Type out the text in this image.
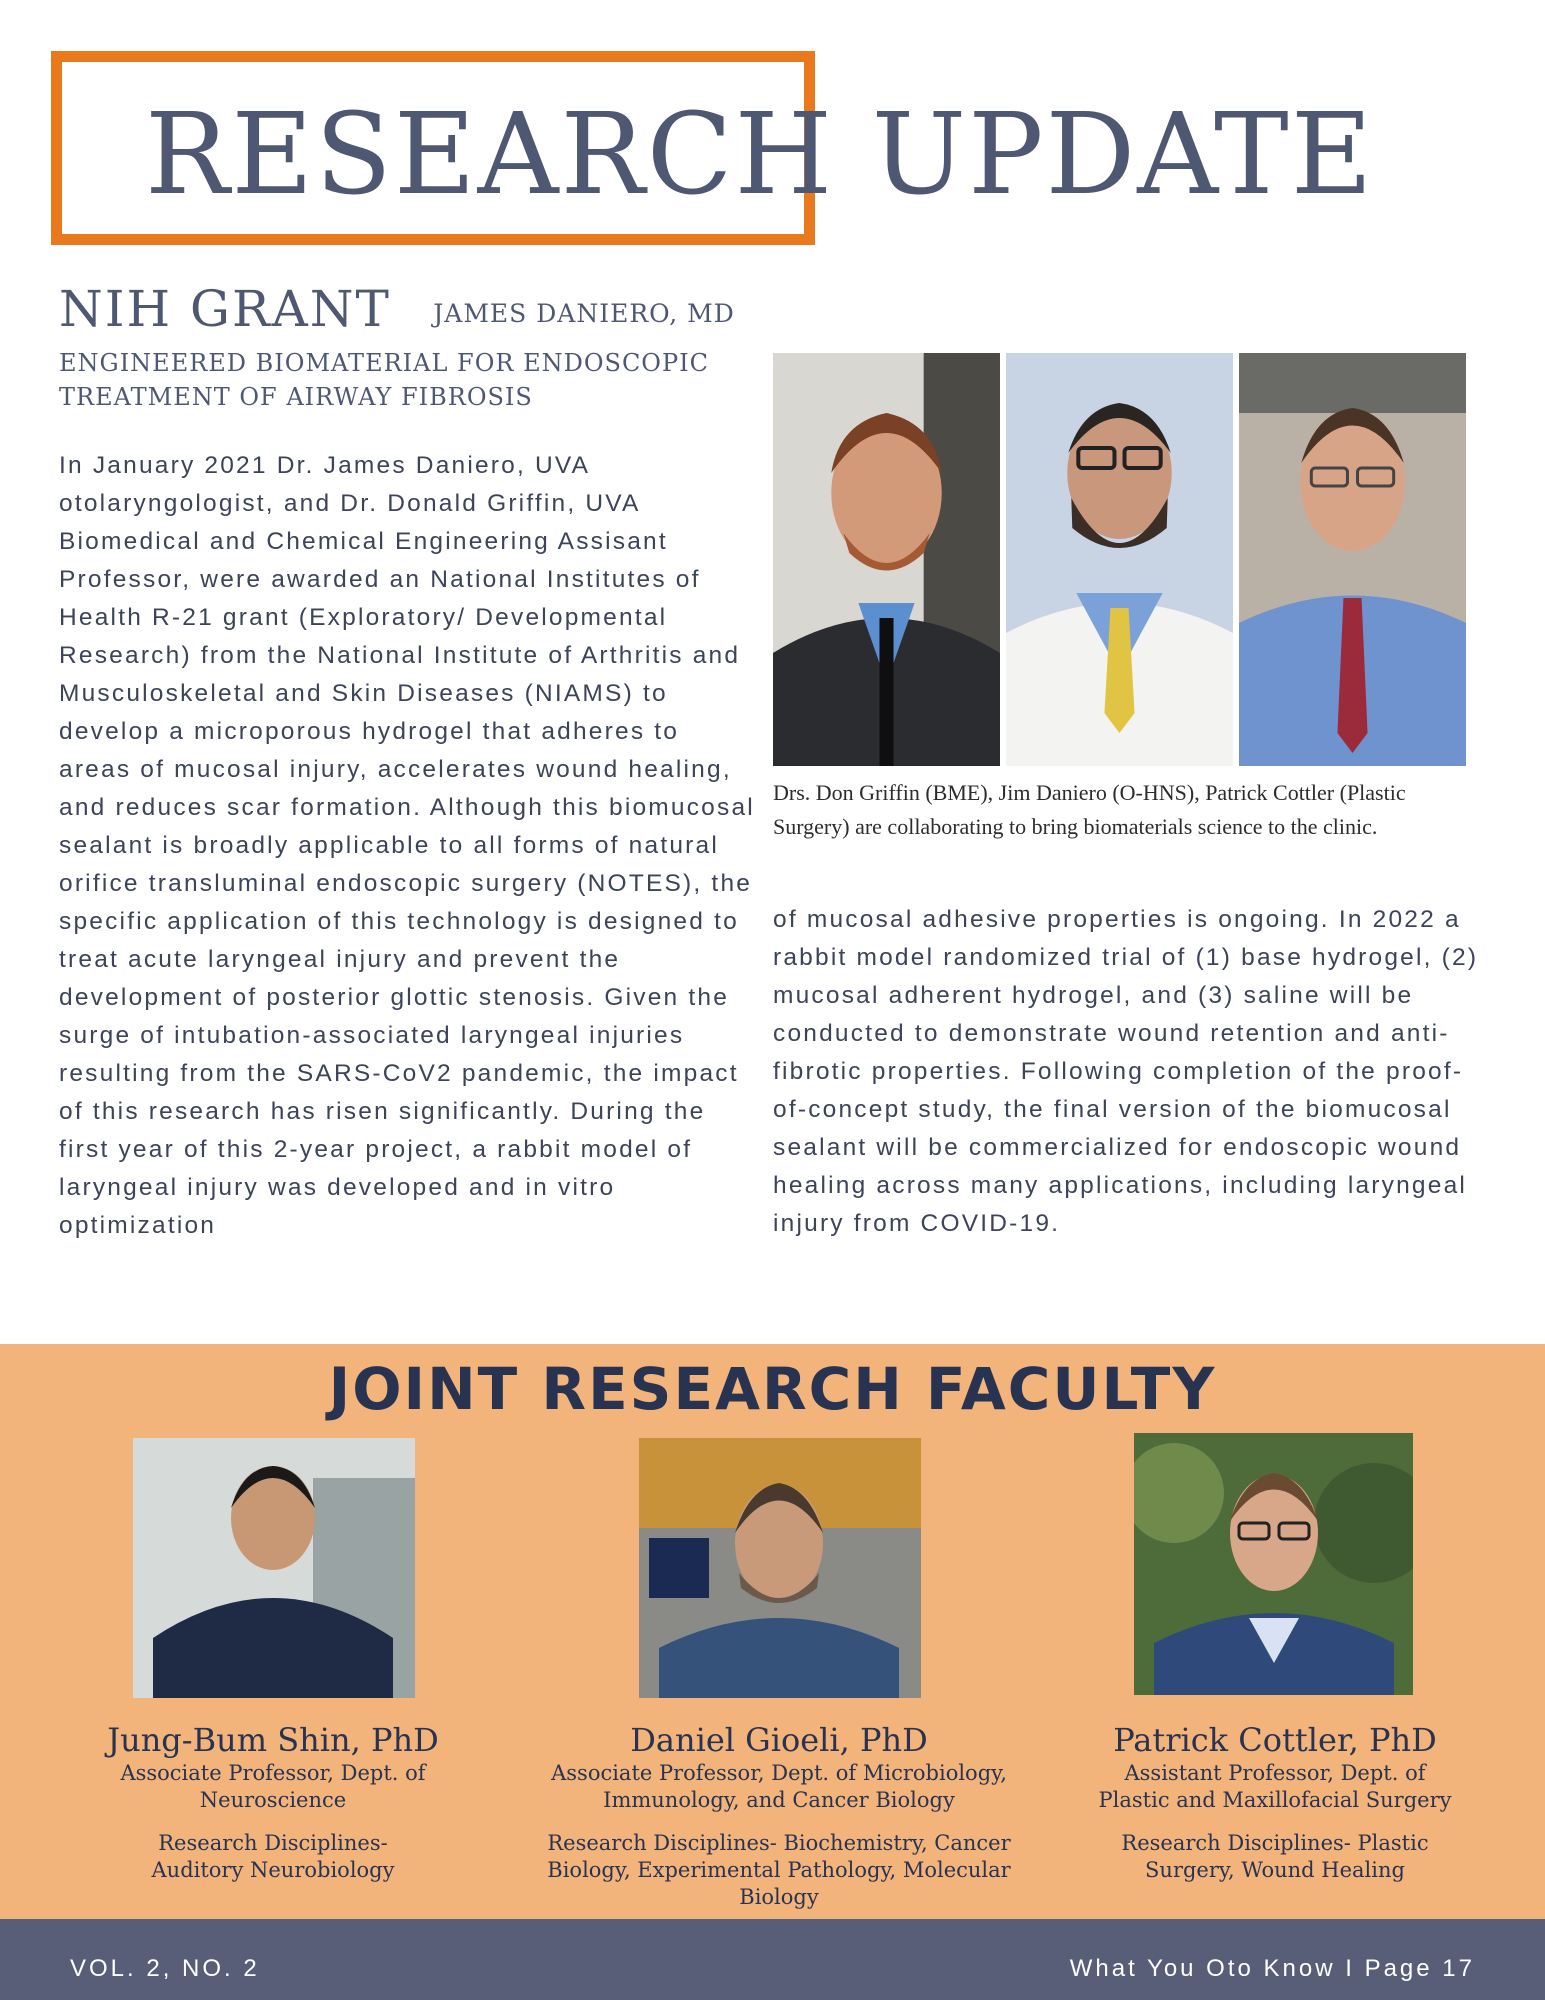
RESEARCH UPDATE
NIH GRANT JAMES DANIERO, MD
ENGINEERED BIOMATERIAL FOR ENDOSCOPIC
TREATMENT OF AIRWAY FIBROSIS

In January 2021 Dr. James Daniero, UVA otolaryngologist, and Dr. Donald Griffin, UVA Biomedical and Chemical Engineering Assisant Professor, were awarded an National Institutes of Health R-21 grant (Exploratory/ Developmental Research) from the National Institute of Arthritis and Musculoskeletal and Skin Diseases (NIAMS) to develop a microporous hydrogel that adheres to areas of mucosal injury, accelerates wound healing, and reduces scar formation. Although this biomucosal sealant is broadly applicable to all forms of natural orifice transluminal endoscopic surgery (NOTES), the specific application of this technology is designed to treat acute laryngeal injury and prevent the development of posterior glottic stenosis. Given the surge of intubation-associated laryngeal injuries resulting from the SARS-CoV2 pandemic, the impact of this research has risen significantly. During the first year of this 2-year project, a rabbit model of laryngeal injury was developed and in vitro optimization

of mucosal adhesive properties is ongoing. In 2022 a rabbit model randomized trial of (1) base hydrogel, (2) mucosal adherent hydrogel, and (3) saline will be conducted to demonstrate wound retention and anti-fibrotic properties. Following completion of the proof-of-concept study, the final version of the biomucosal sealant will be commercialized for endoscopic wound healing across many applications, including laryngeal injury from COVID-19.

Drs. Don Griffin (BME), Jim Daniero (O-HNS), Patrick Cottler (Plastic Surgery) are collaborating to bring biomaterials science to the clinic.

JOINT RESEARCH FACULTY

Jung-Bum Shin, PhD

Associate Professor, Dept. of Neuroscience

Research Disciplines- Auditory Neurobiology

Daniel Gioeli, PhD

Associate Professor, Dept. of Microbiology, Immunology, and Cancer Biology

Research Disciplines- Biochemistry, Cancer Biology, Experimental Pathology, Molecular Biology

Patrick Cottler, PhD

Assistant Professor, Dept. of Plastic and Maxillofacial Surgery

Research Disciplines- Plastic Surgery, Wound Healing

VOL. 2, NO. 2	What You Oto Know I Page 17
